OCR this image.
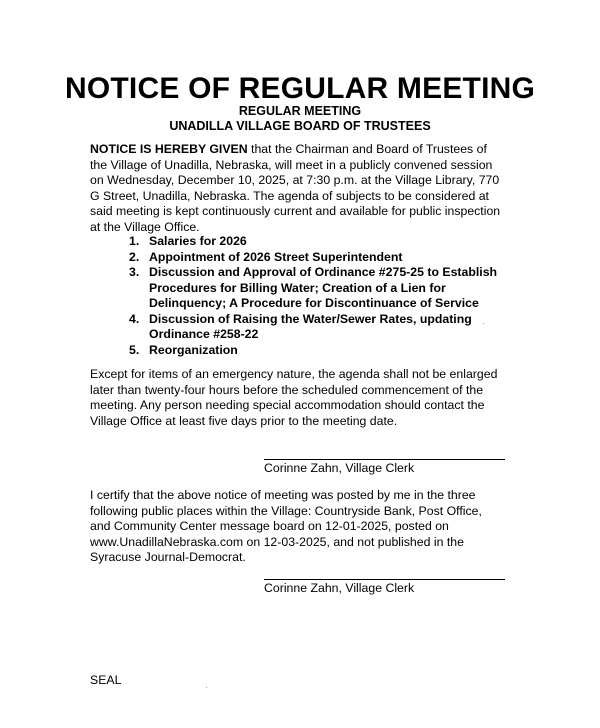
NOTICE OF REGULAR MEETING
REGULAR MEETING
UNADILLA VILLAGE BOARD OF TRUSTEES
NOTICE IS HEREBY GIVEN that the Chairman and Board of Trustees of the Village of Unadilla, Nebraska, will meet in a publicly convened session on Wednesday, December 10, 2025, at 7:30 p.m. at the Village Library, 770 G Street, Unadilla, Nebraska. The agenda of subjects to be considered at said meeting is kept continuously current and available for public inspection at the Village Office.
1. Salaries for 2026
2. Appointment of 2026 Street Superintendent
3. Discussion and Approval of Ordinance #275-25 to Establish Procedures for Billing Water; Creation of a Lien for Delinquency; A Procedure for Discontinuance of Service
4. Discussion of Raising the Water/Sewer Rates, updating Ordinance #258-22
5. Reorganization
Except for items of an emergency nature, the agenda shall not be enlarged later than twenty-four hours before the scheduled commencement of the meeting. Any person needing special accommodation should contact the Village Office at least five days prior to the meeting date.
Corinne Zahn, Village Clerk
I certify that the above notice of meeting was posted by me in the three following public places within the Village: Countryside Bank, Post Office, and Community Center message board on 12-01-2025, posted on www.UnadillaNebraska.com on 12-03-2025, and not published in the Syracuse Journal-Democrat.
Corinne Zahn, Village Clerk
SEAL
